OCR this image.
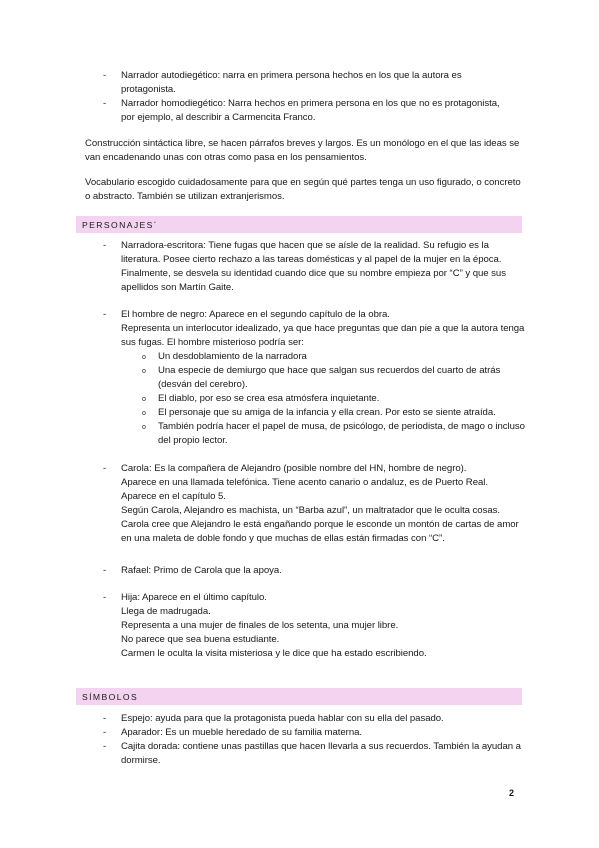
- Narrador autodiegético: narra en primera persona hechos en los que la autora es
protagonista.
- Narrador homodiegético: Narra hechos en primera persona en los que no es protagonista,
por ejemplo, al describir a Carmencita Franco.
Construcción sintáctica libre, se hacen párrafos breves y largos. Es un monólogo en el que las ideas se
van encadenando unas con otras como pasa en los pensamientos.
Vocabulario escogido cuidadosamente para que en según qué partes tenga un uso figurado, o concreto
o abstracto. También se utilizan extranjerismos.
PERSONAJES´
- Narradora-escritora: Tiene fugas que hacen que se aísle de la realidad. Su refugio es la
literatura. Posee cierto rechazo a las tareas domésticas y al papel de la mujer en la época.
Finalmente, se desvela su identidad cuando dice que su nombre empieza por “C” y que sus
apellidos son Martín Gaite.
- El hombre de negro: Aparece en el segundo capítulo de la obra.
Representa un interlocutor idealizado, ya que hace preguntas que dan pie a que la autora tenga
sus fugas. El hombre misterioso podría ser:
o Un desdoblamiento de la narradora
o Una especie de demiurgo que hace que salgan sus recuerdos del cuarto de atrás
(desván del cerebro).
o El diablo, por eso se crea esa atmósfera inquietante.
o El personaje que su amiga de la infancia y ella crean. Por esto se siente atraída.
o También podría hacer el papel de musa, de psicólogo, de periodista, de mago o incluso
del propio lector.
- Carola: Es la compañera de Alejandro (posible nombre del HN, hombre de negro).
Aparece en una llamada telefónica. Tiene acento canario o andaluz, es de Puerto Real.
Aparece en el capítulo 5.
Según Carola, Alejandro es machista, un “Barba azul”, un maltratador que le oculta cosas.
Carola cree que Alejandro le está engañando porque le esconde un montón de cartas de amor
en una maleta de doble fondo y que muchas de ellas están firmadas con “C”.
- Rafael: Primo de Carola que la apoya.
- Hija: Aparece en el último capítulo.
Llega de madrugada.
Representa a una mujer de finales de los setenta, una mujer libre.
No parece que sea buena estudiante.
Carmen le oculta la visita misteriosa y le dice que ha estado escribiendo.
SÍMBOLOS
- Espejo: ayuda para que la protagonista pueda hablar con su ella del pasado.
- Aparador: Es un mueble heredado de su familia materna.
- Cajita dorada: contiene unas pastillas que hacen llevarla a sus recuerdos. También la ayudan a
dormirse.
2
